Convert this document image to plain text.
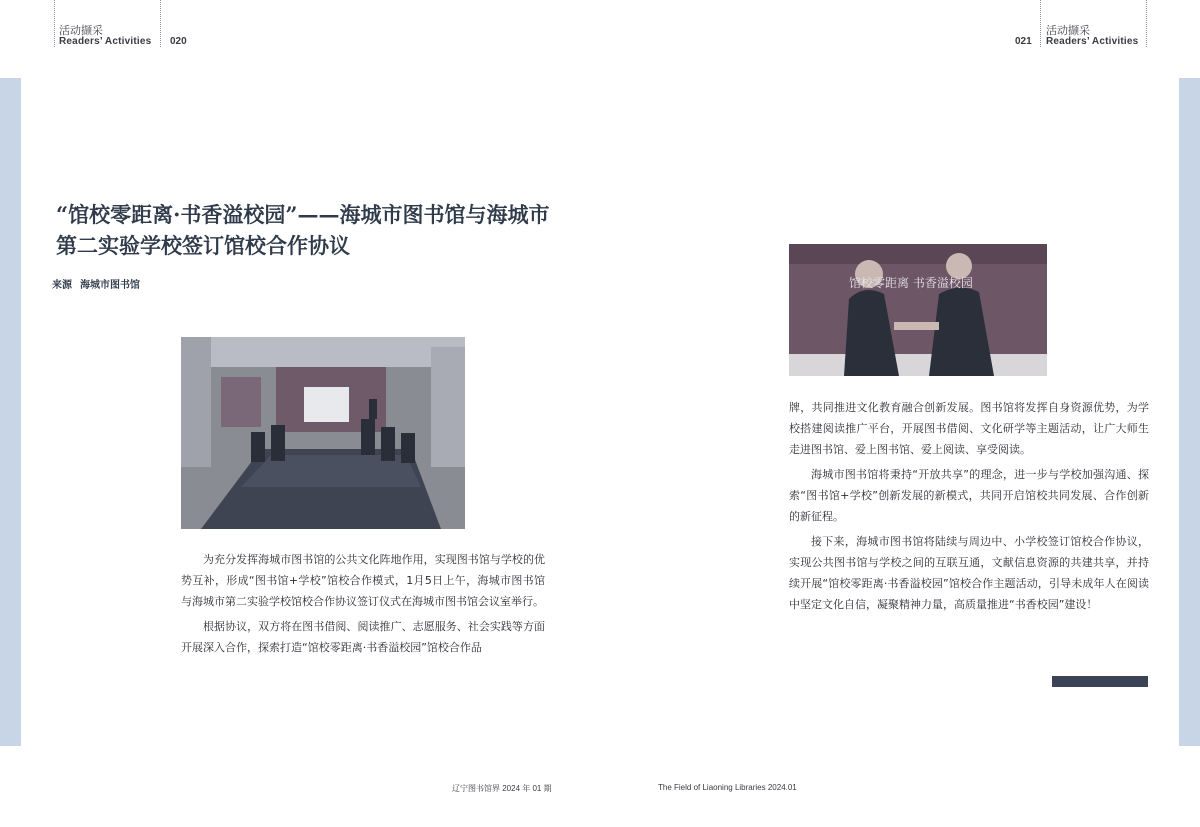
活动撷采
Readers’ Activities 020	021
活动撷采
Readers’ Activities
“馆校零距离·书香溢校园”——海城市图书馆与海城市第二实验学校签订馆校合作协议
来源 海城市图书馆	馆校零距离 书香溢校园

为充分发挥海城市图书馆的公共文化阵地作用，实现图书馆与学校的优势互补，形成“图书馆+学校”馆校合作模式，1月5日上午，海城市图书馆与海城市第二实验学校馆校合作协议签订仪式在海城市图书馆会议室举行。

根据协议，双方将在图书借阅、阅读推广、志愿服务、社会实践等方面开展深入合作，探索打造“馆校零距离·书香溢校园”馆校合作品

牌，共同推进文化教育融合创新发展。图书馆将发挥自身资源优势，为学校搭建阅读推广平台，开展图书借阅、文化研学等主题活动，让广大师生走进图书馆、爱上图书馆、爱上阅读、享受阅读。

海城市图书馆将秉持“开放共享”的理念，进一步与学校加强沟通、探索“图书馆+学校”创新发展的新模式，共同开启馆校共同发展、合作创新的新征程。

接下来，海城市图书馆将陆续与周边中、小学校签订馆校合作协议，实现公共图书馆与学校之间的互联互通，文献信息资源的共建共享，并持续开展“馆校零距离·书香溢校园”馆校合作主题活动，引导未成年人在阅读中坚定文化自信，凝聚精神力量，高质量推进“书香校园”建设！

辽宁图书馆界 2024 年 01 期	The Field of Liaoning Libraries 2024.01
